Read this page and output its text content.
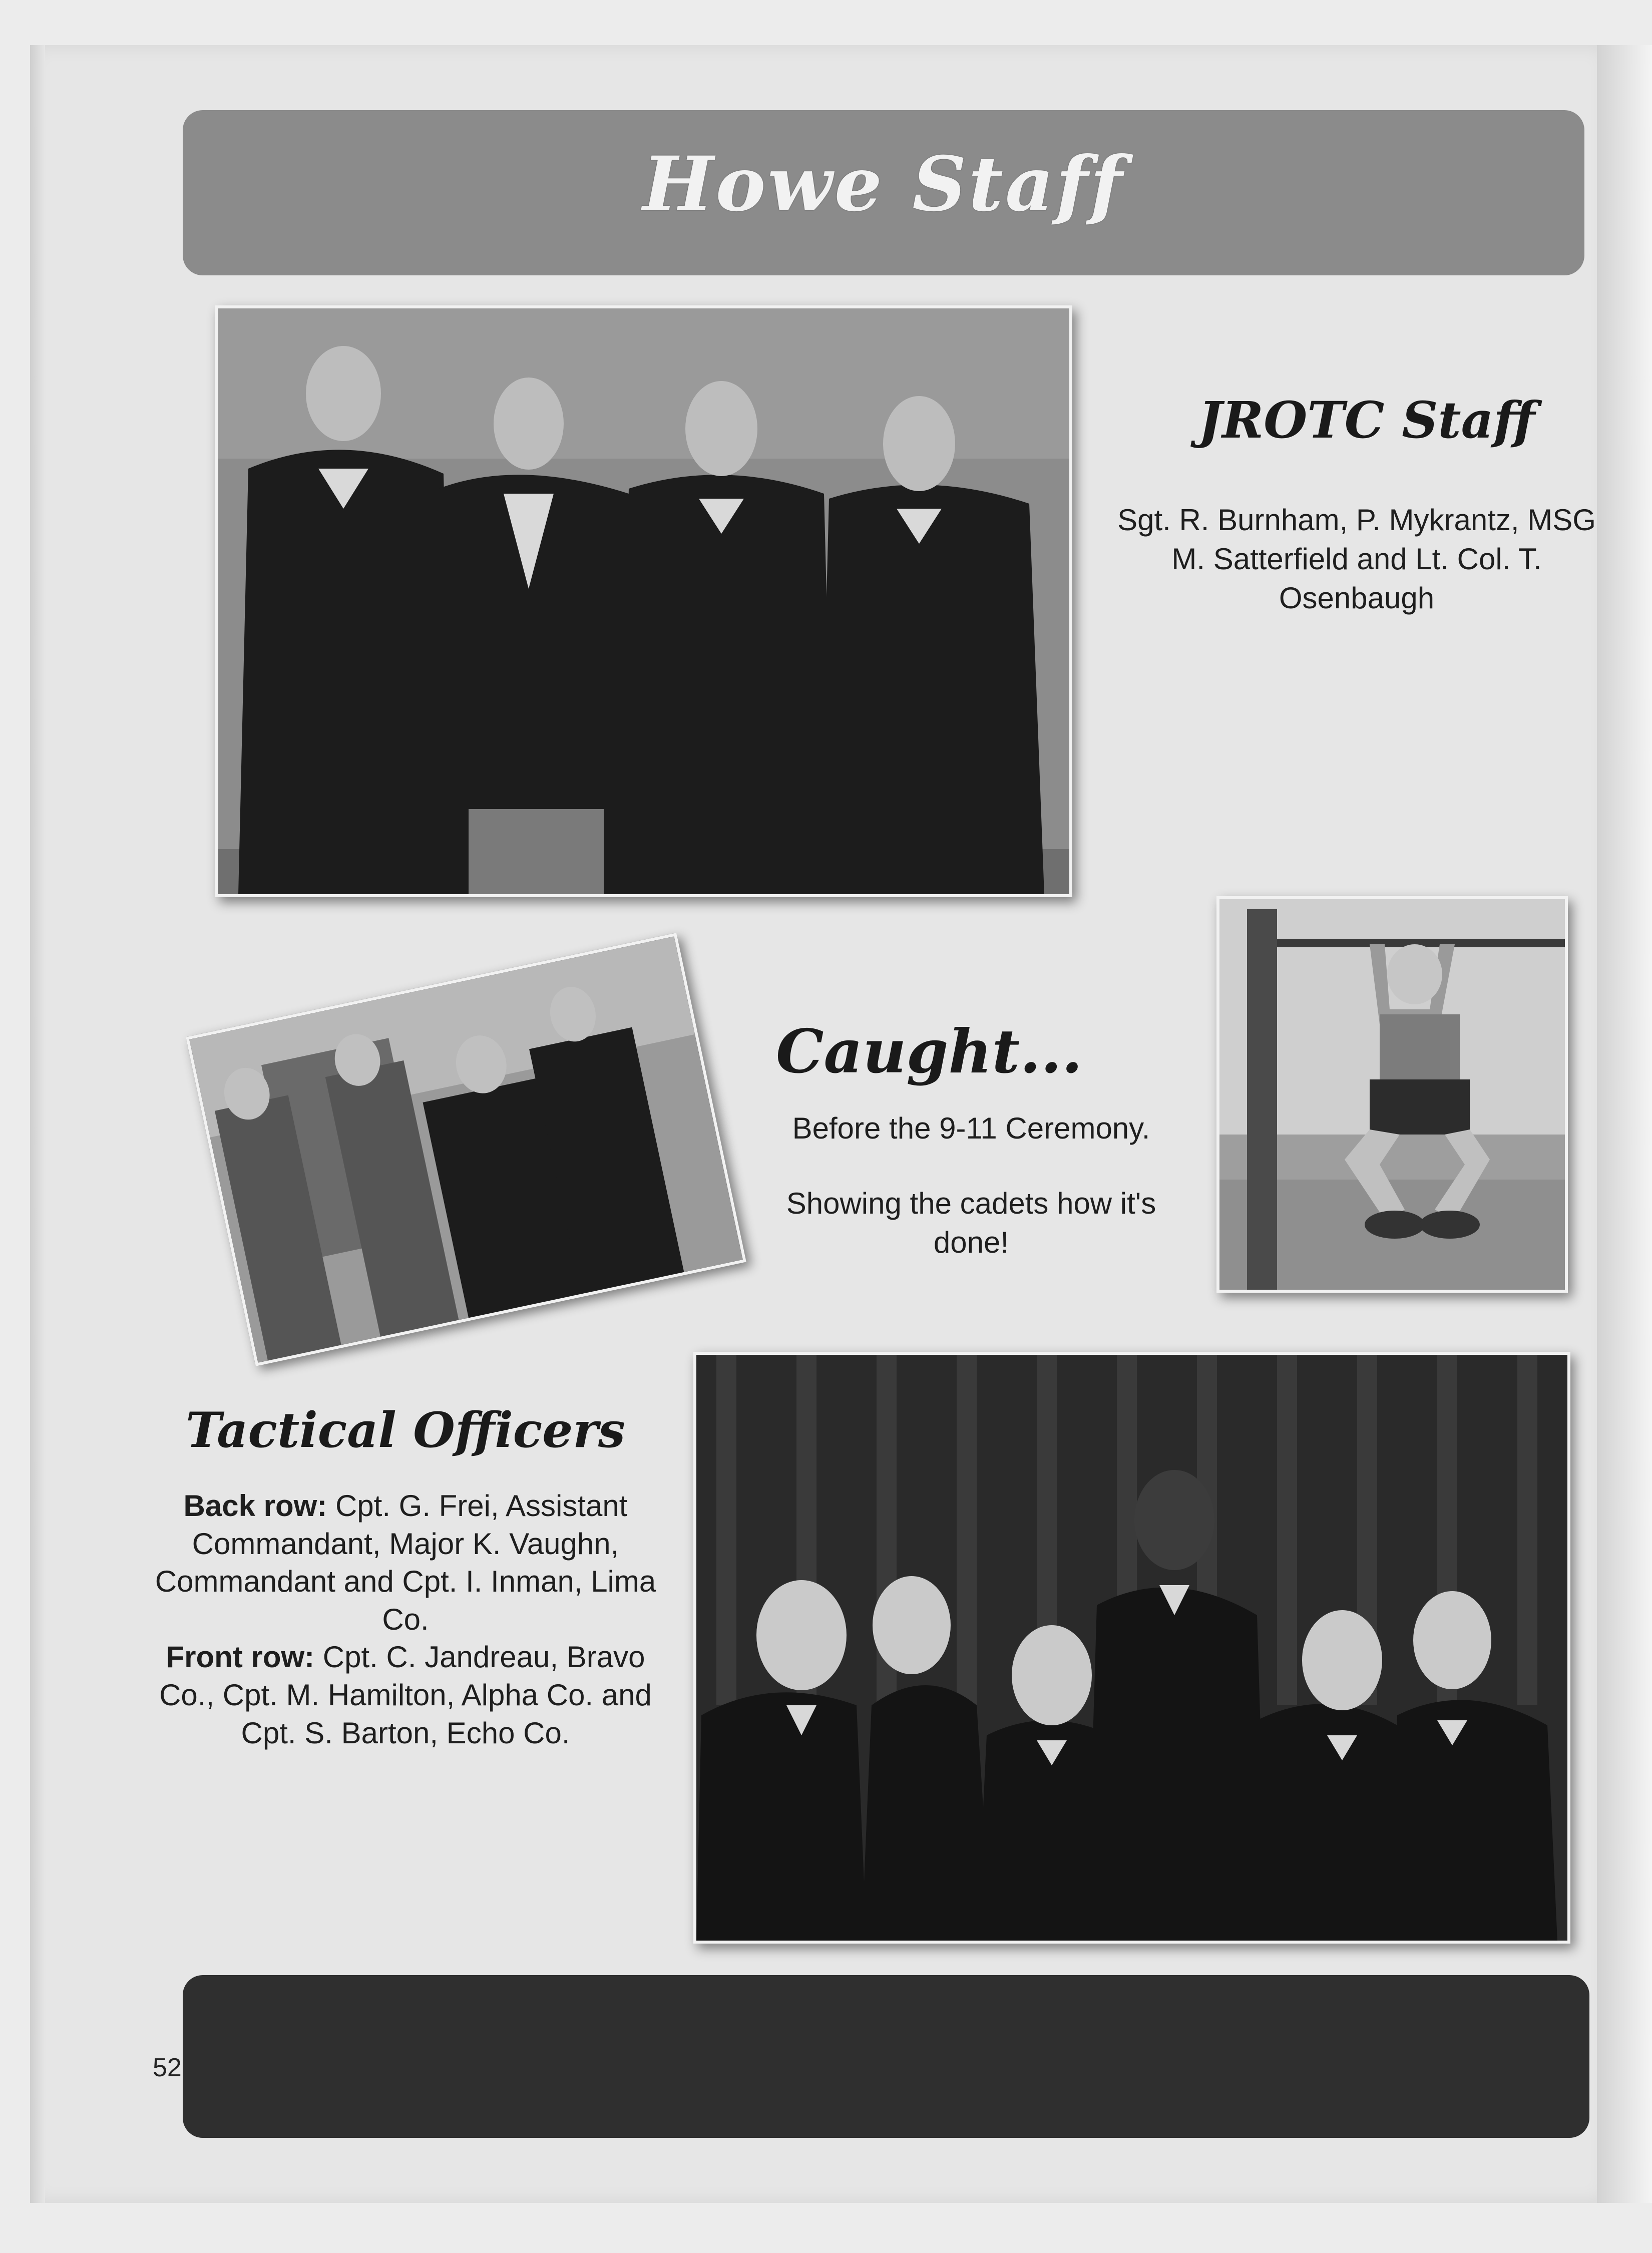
Howe Staff
JROTC Staff
Sgt. R. Burnham, P. Mykrantz, MSG M. Satterfield and Lt. Col. T. Osenbaugh
Caught...
Before the 9-11 Ceremony.
Showing the cadets how it's done!
Tactical Officers
Back row: Cpt. G. Frei, Assistant Commandant, Major K. Vaughn, Commandant and Cpt. I. Inman, Lima Co.
Front row: Cpt. C. Jandreau, Bravo Co., Cpt. M. Hamilton, Alpha Co. and Cpt. S. Barton, Echo Co.
52
